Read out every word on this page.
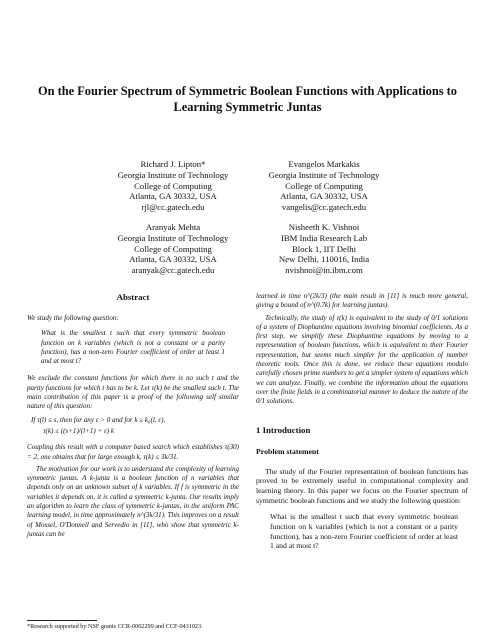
On the Fourier Spectrum of Symmetric Boolean Functions with Applications to
Learning Symmetric Juntas
Richard J. Lipton*
Georgia Institute of Technology
College of Computing
Atlanta, GA 30332, USA
rjl@cc.gatech.edu
Evangelos Markakis
Georgia Institute of Technology
College of Computing
Atlanta, GA 30332, USA
vangelis@cc.gatech.edu
Aranyak Mehta
Georgia Institute of Technology
College of Computing
Atlanta, GA 30332, USA
aranyak@cc.gatech.edu
Nisheeth K. Vishnoi
IBM India Research Lab
Block 1, IIT Delhi
New Delhi, 110016, India
nvishnoi@in.ibm.com
Abstract
We study the following question:
What is the smallest t such that every symmetric boolean function on k variables (which is not a constant or a parity function), has a non-zero Fourier coefficient of order at least 1 and at most t?
We exclude the constant functions for which there is no such t and the parity functions for which t has to be k. Let τ(k) be the smallest such t. The main contribution of this paper is a proof of the following self similar nature of this question:
If τ(l) ≤ s, then for any ε > 0 and for k ≥ k₀(l, ε),
τ(k) ≤ ((s+1)/(l+1) + ε) k
Coupling this result with a computer based search which establishes τ(30) = 2, one obtains that for large enough k, τ(k) ≤ 3k/31.
The motivation for our work is to understand the complexity of learning symmetric juntas. A k-junta is a boolean function of n variables that depends only on an unknown subset of k variables. If f is symmetric in the variables it depends on, it is called a symmetric k-junta. Our results imply an algorithm to learn the class of symmetric k-juntas, in the uniform PAC learning model, in time approximately n^(3k/31). This improves on a result of Mossel, O'Donnell and Servedio in [11], who show that symmetric k-juntas can be
*Research supported by NSF grants CCR-0002299 and CCF-0431023.
learned in time n^(2k/3) (the main result in [11] is much more general, giving a bound of n^(0.7k) for learning juntas).
Technically, the study of τ(k) is equivalent to the study of 0/1 solutions of a system of Diophantine equations involving binomial coefficients. As a first step, we simplify these Diophantine equations by moving to a representation of boolean functions, which is equivalent to their Fourier representation, but seems much simpler for the application of number theoretic tools. Once this is done, we reduce these equations modulo carefully chosen prime numbers to get a simpler system of equations which we can analyze. Finally, we combine the information about the equations over the finite fields in a combinatorial manner to deduce the nature of the 0/1 solutions.
1 Introduction
Problem statement
The study of the Fourier representation of boolean functions has proved to be extremely useful in computational complexity and learning theory. In this paper we focus on the Fourier spectrum of symmetric boolean functions and we study the following question:
What is the smallest t such that every symmetric boolean function on k variables (which is not a constant or a parity function), has a non-zero Fourier coefficient of order at least 1 and at most t?
